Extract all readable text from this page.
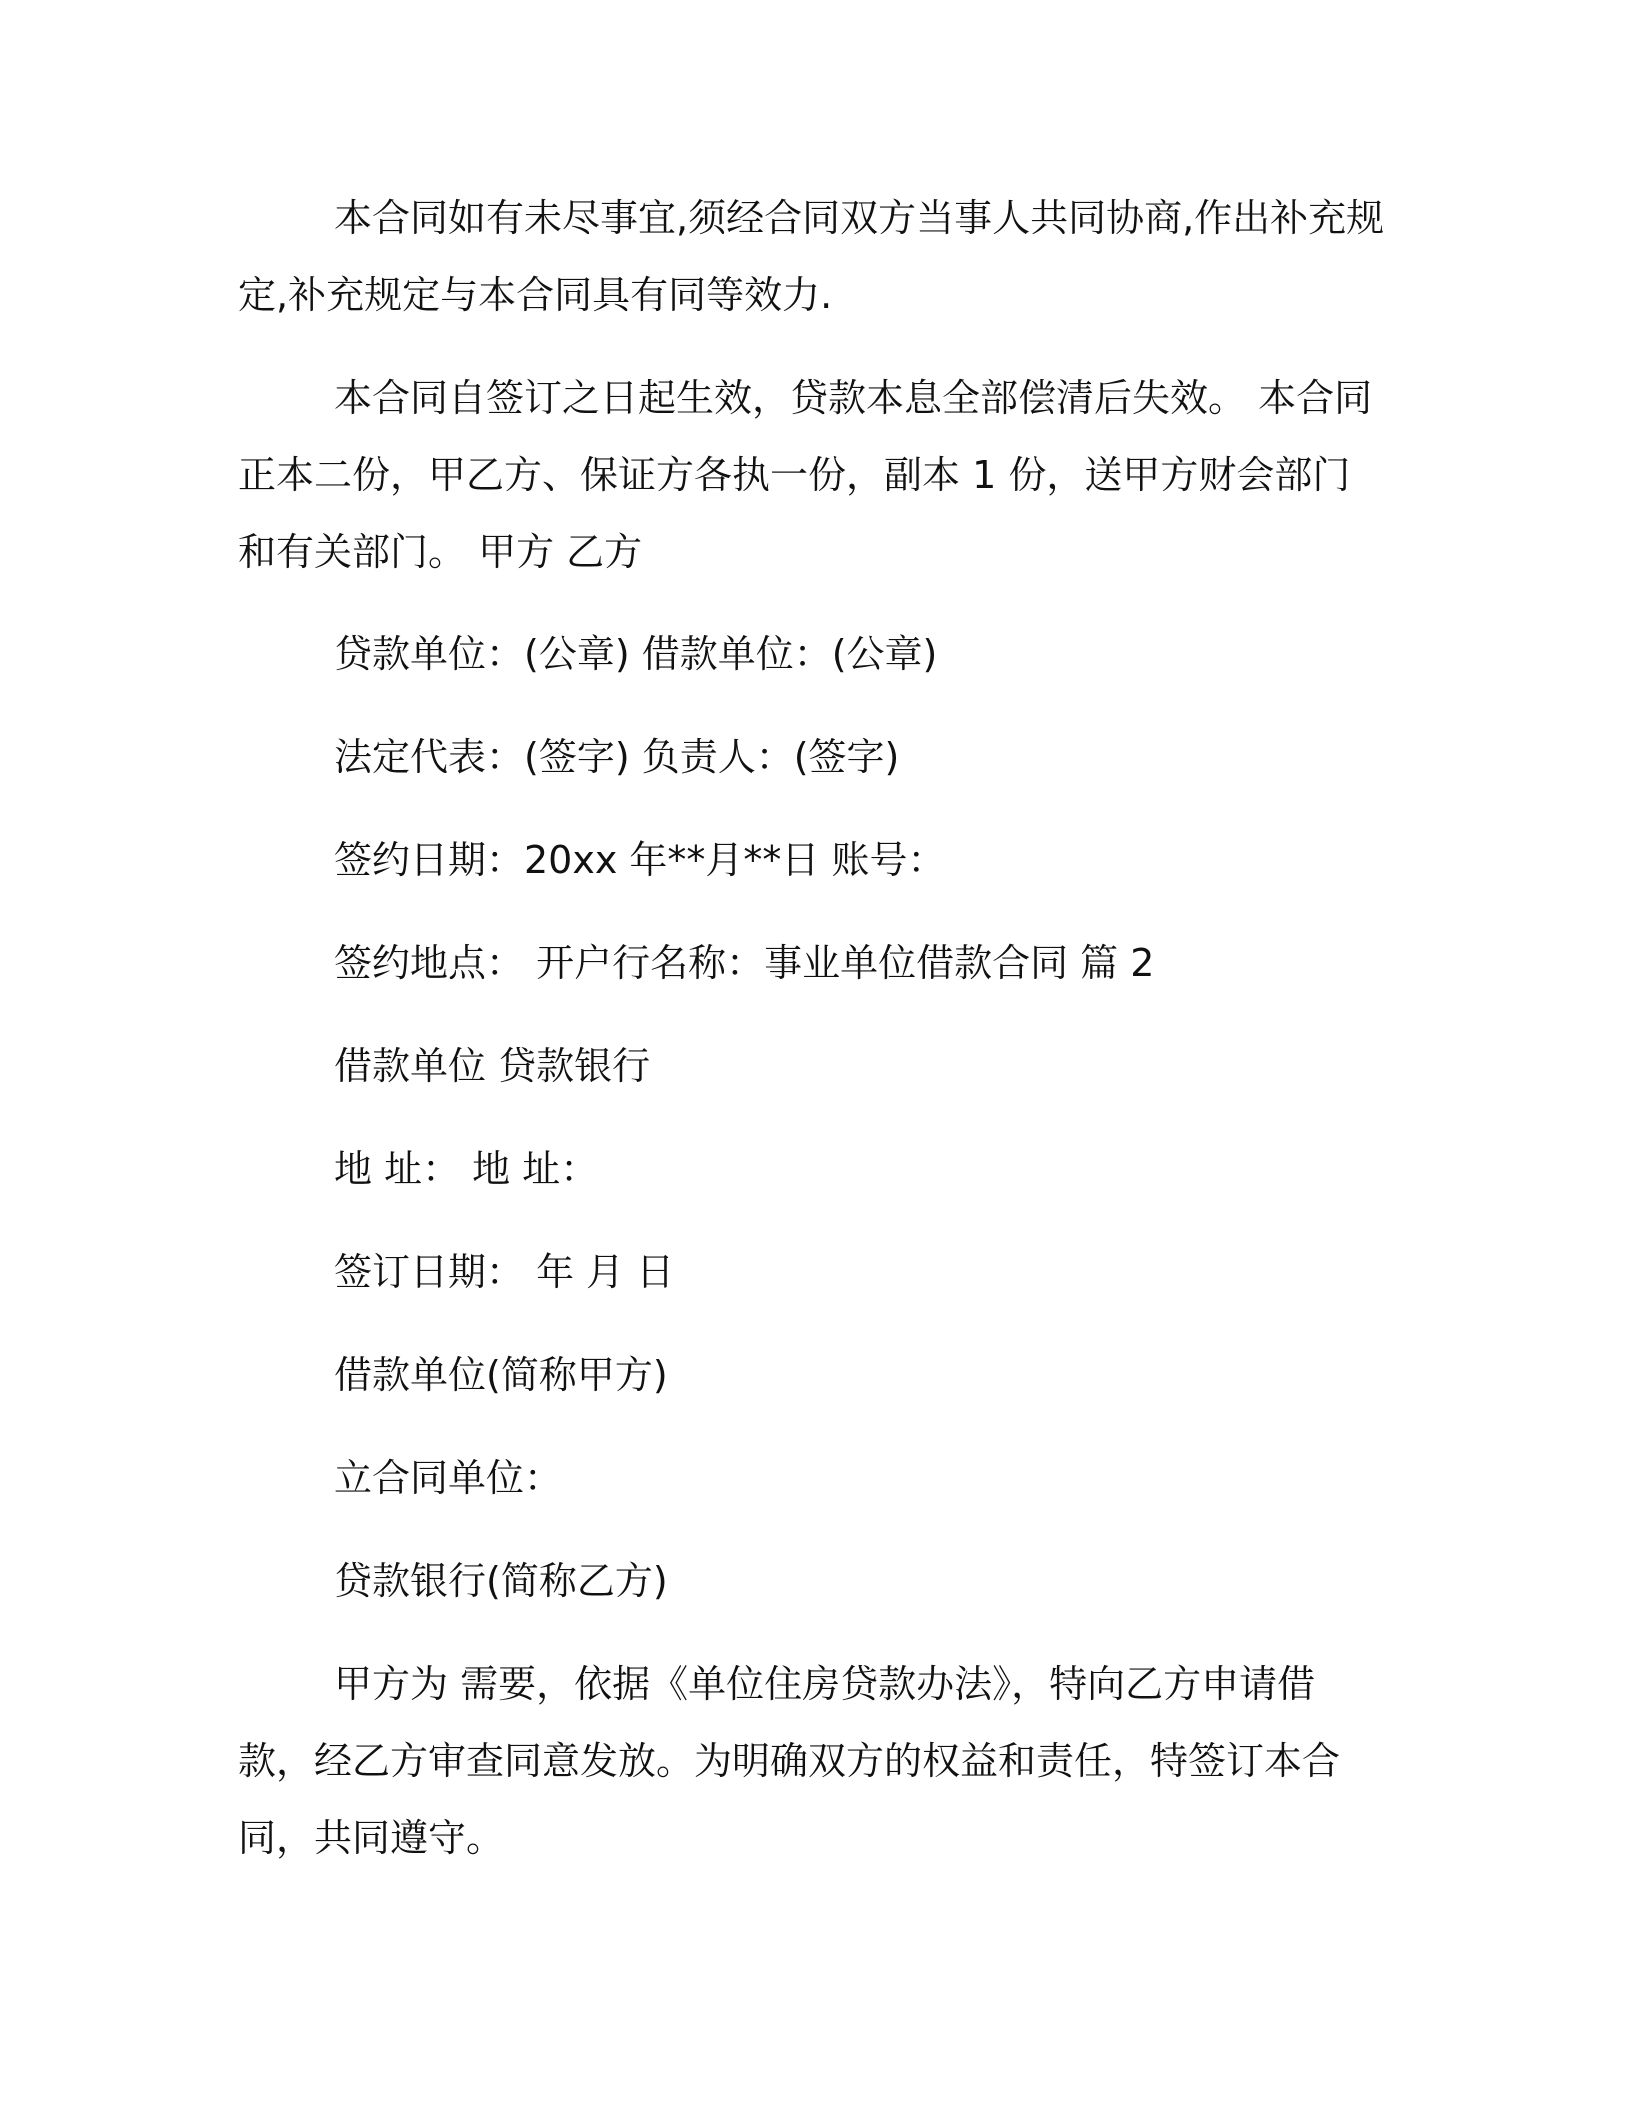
本合同如有未尽事宜,须经合同双方当事人共同协商,作出补充规定,补充规定与本合同具有同等效力.

本合同自签订之日起生效，贷款本息全部偿清后失效。 本合同正本二份，甲乙方、保证方各执一份，副本 1 份，送甲方财会部门和有关部门。 甲方 乙方

贷款单位：(公章) 借款单位：(公章)

法定代表：(签字) 负责人：(签字)

签约日期：20xx 年**月**日 账号：

签约地点： 开户行名称：事业单位借款合同 篇 2

借款单位 贷款银行

地 址： 地 址：

签订日期： 年 月 日

借款单位(简称甲方)

立合同单位：

贷款银行(简称乙方)

甲方为 需要，依据《单位住房贷款办法》，特向乙方申请借款，经乙方审查同意发放。为明确双方的权益和责任，特签订本合同，共同遵守。
